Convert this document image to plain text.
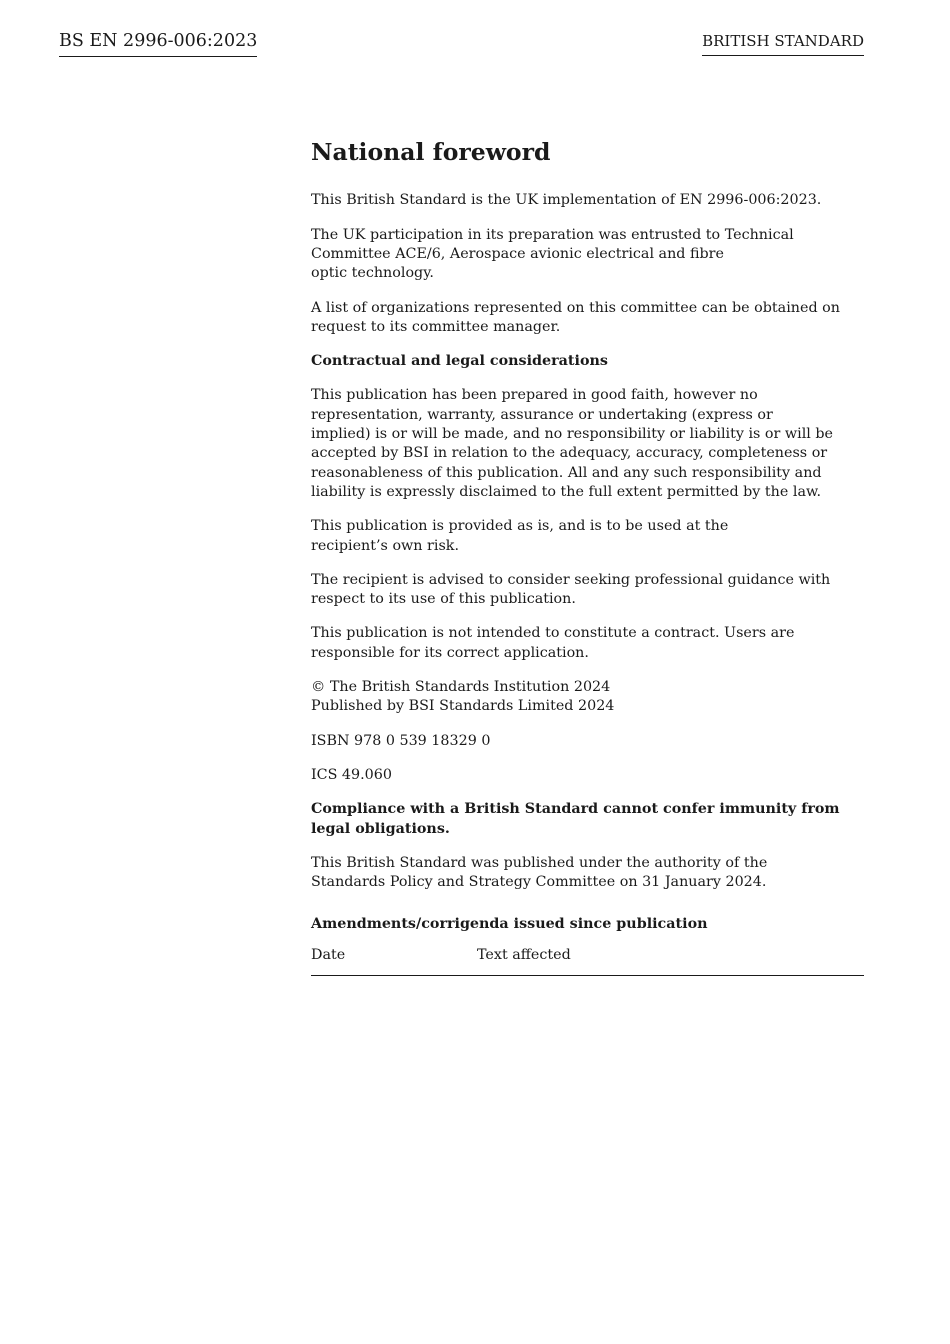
BS EN 2996-006:2023	BRITISH STANDARD
National foreword
This British Standard is the UK implementation of EN 2996-006:2023.
The UK participation in its preparation was entrusted to Technical
Committee ACE/6, Aerospace avionic electrical and fibre
optic technology.
A list of organizations represented on this committee can be obtained on
request to its committee manager.
Contractual and legal considerations
This publication has been prepared in good faith, however no
representation, warranty, assurance or undertaking (express or
implied) is or will be made, and no responsibility or liability is or will be
accepted by BSI in relation to the adequacy, accuracy, completeness or
reasonableness of this publication. All and any such responsibility and
liability is expressly disclaimed to the full extent permitted by the law.
This publication is provided as is, and is to be used at the
recipient’s own risk.
The recipient is advised to consider seeking professional guidance with
respect to its use of this publication.
This publication is not intended to constitute a contract. Users are
responsible for its correct application.
© The British Standards Institution 2024
Published by BSI Standards Limited 2024
ISBN 978 0 539 18329 0
ICS 49.060
Compliance with a British Standard cannot confer immunity from
legal obligations.
This British Standard was published under the authority of the
Standards Policy and Strategy Committee on 31 January 2024.
Amendments/corrigenda issued since publication
Date	Text affected
